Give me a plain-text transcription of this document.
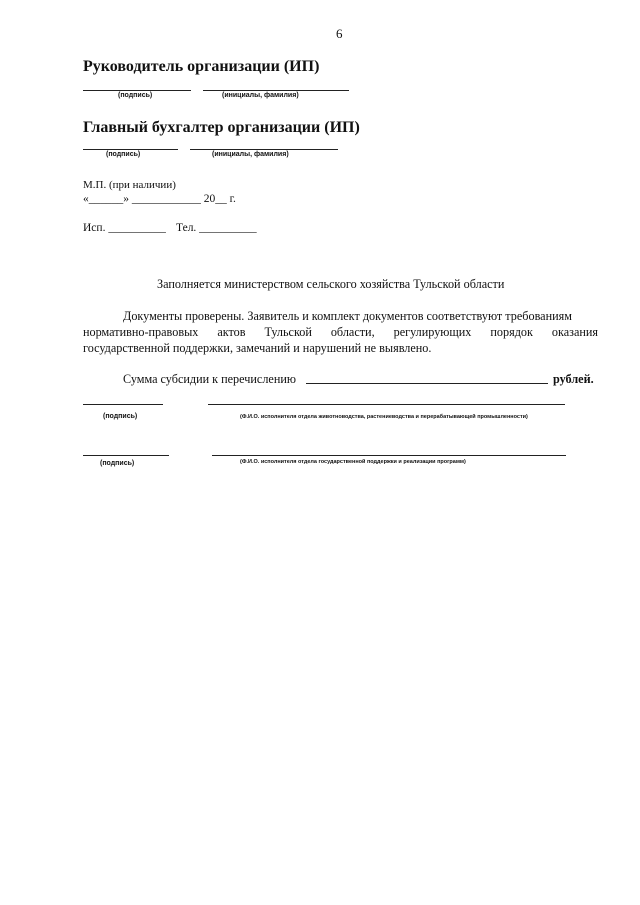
6
Руководитель организации (ИП)
(подпись)	(инициалы, фамилия)
Главный бухгалтер организации (ИП)
(подпись)	(инициалы, фамилия)
М.П. (при наличии)
«______» ____________ 20__ г.
Исп. __________ Тел. __________
Заполняется министерством сельского хозяйства Тульской области
Документы проверены. Заявитель и комплект документов соответствуют требованиям
нормативно-правовых актов Тульской области, регулирующих порядок оказания
государственной поддержки, замечаний и нарушений не выявлено.
Сумма субсидии к перечислению	рублей.
(подпись)	(Ф.И.О. исполнителя отдела животноводства, растениеводства и перерабатывающей промышленности)
(подпись)	(Ф.И.О. исполнителя отдела государственной поддержки и реализации программ)
